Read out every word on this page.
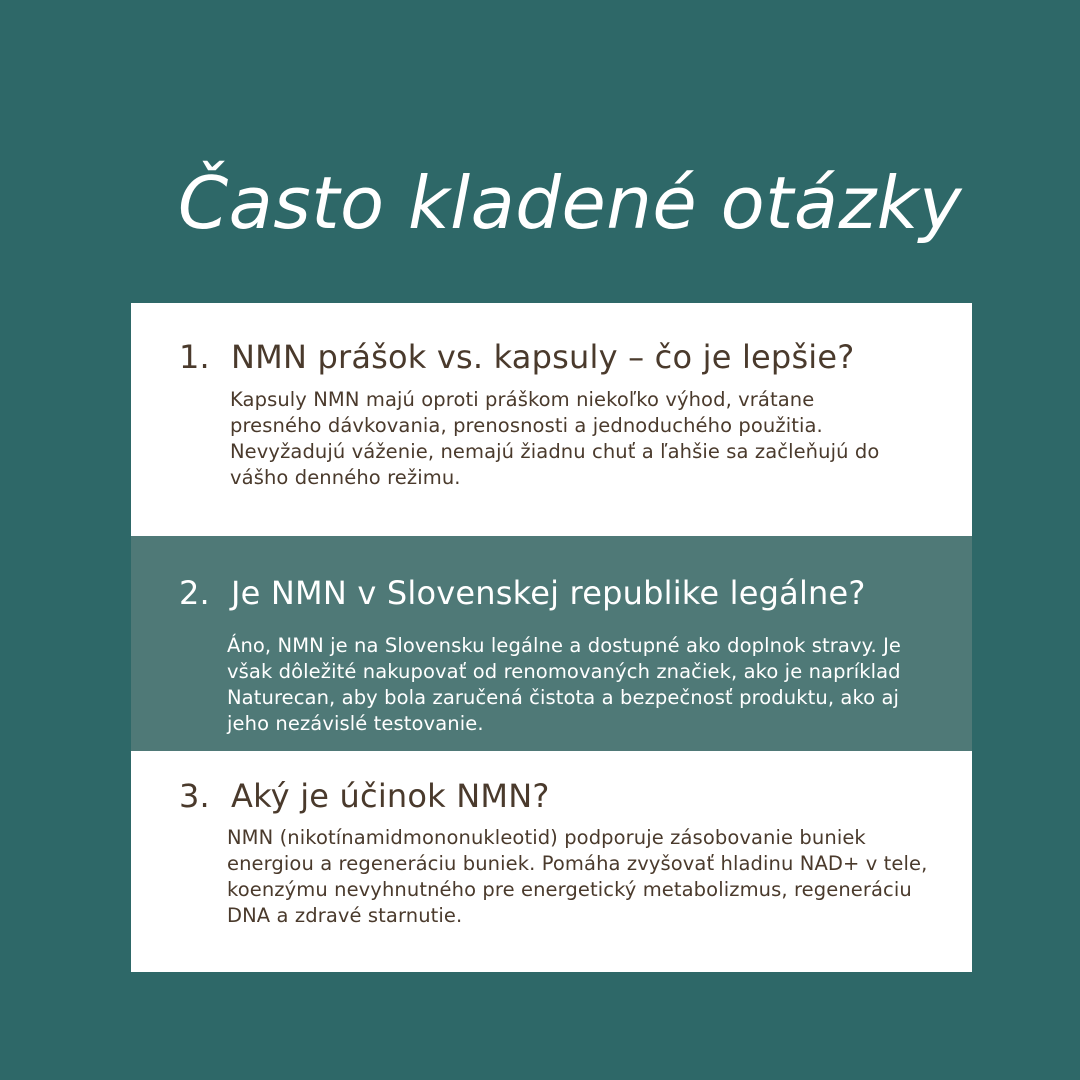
Často kladené otázky
1. NMN prášok vs. kapsuly – čo je lepšie?
Kapsuly NMN majú oproti práškom niekoľko výhod, vrátane presného dávkovania, prenosnosti a jednoduchého použitia. Nevyžadujú váženie, nemajú žiadnu chuť a ľahšie sa začleňujú do vášho denného režimu.
2. Je NMN v Slovenskej republike legálne?
Áno, NMN je na Slovensku legálne a dostupné ako doplnok stravy. Je však dôležité nakupovať od renomovaných značiek, ako je napríklad Naturecan, aby bola zaručená čistota a bezpečnosť produktu, ako aj jeho nezávislé testovanie.
3. Aký je účinok NMN?
NMN (nikotínamidmononukleotid) podporuje zásobovanie buniek energiou a regeneráciu buniek. Pomáha zvyšovať hladinu NAD+ v tele, koenzýmu nevyhnutného pre energetický metabolizmus, regeneráciu DNA a zdravé starnutie.
